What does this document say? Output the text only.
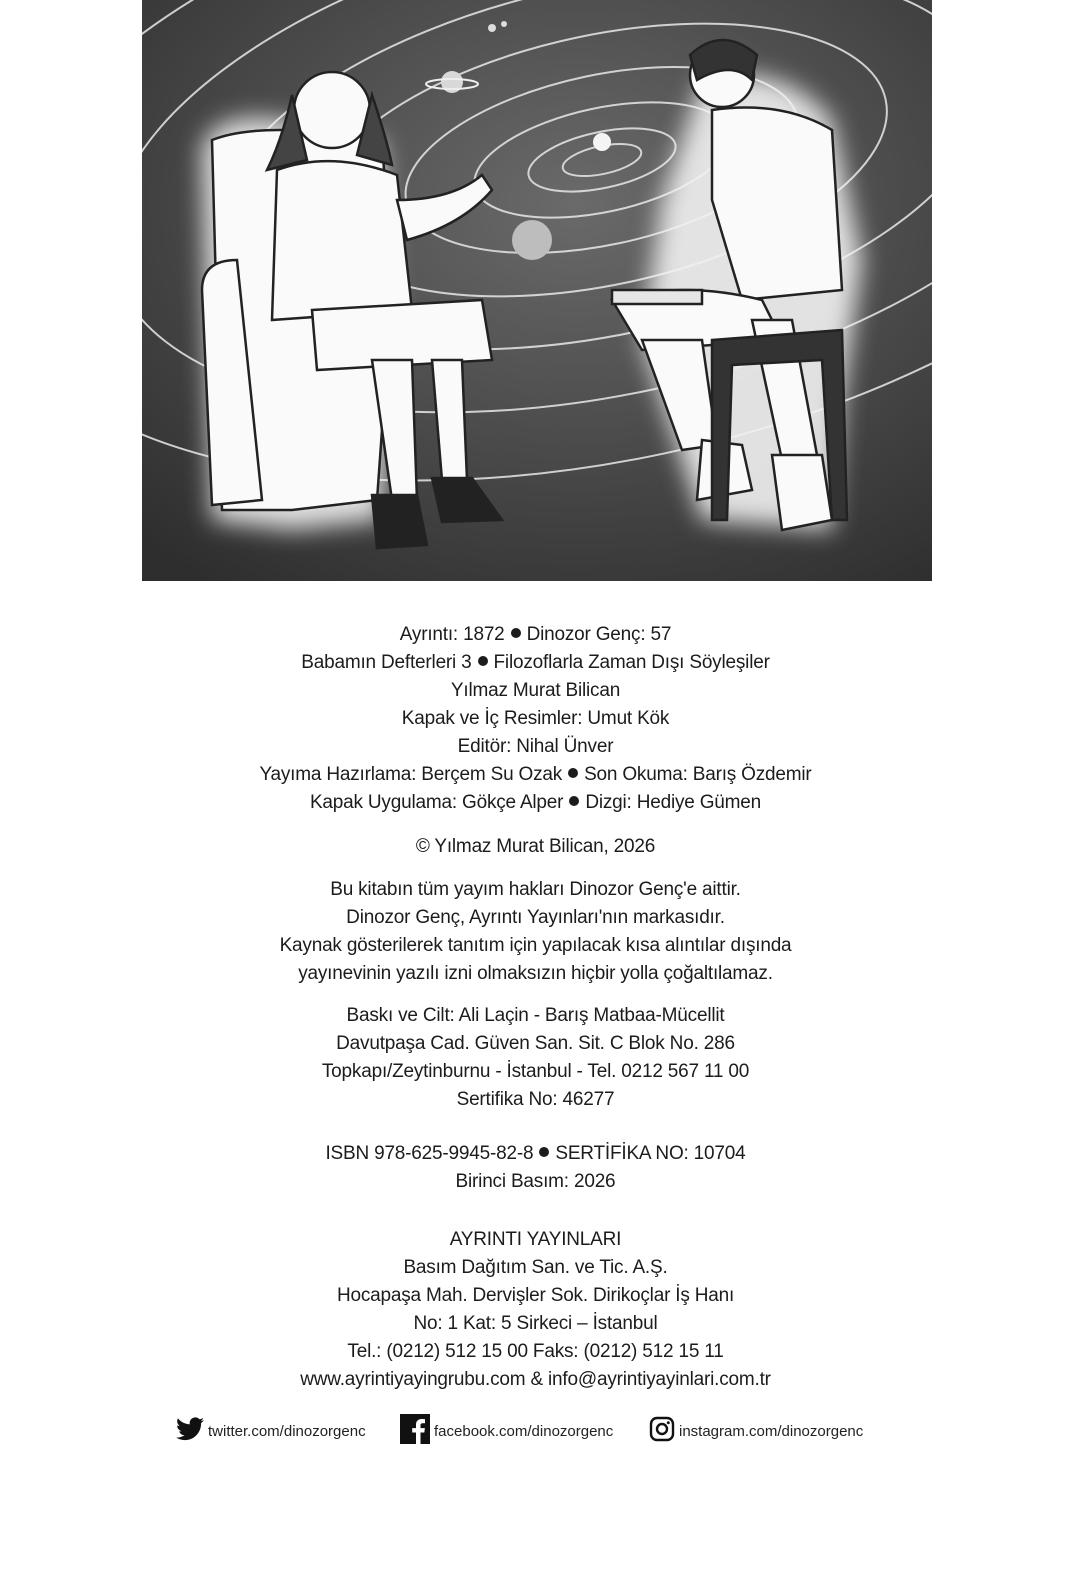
Ayrıntı: 1872 Dinozor Genç: 57

Babamın Defterleri 3 Filozoflarla Zaman Dışı Söyleşiler

Yılmaz Murat Bilican

Kapak ve İç Resimler: Umut Kök

Editör: Nihal Ünver

Yayıma Hazırlama: Berçem Su Ozak Son Okuma: Barış Özdemir

Kapak Uygulama: Gökçe Alper Dizgi: Hediye Gümen

© Yılmaz Murat Bilican, 2026

Bu kitabın tüm yayım hakları Dinozor Genç'e aittir.

Dinozor Genç, Ayrıntı Yayınları'nın markasıdır.

Kaynak gösterilerek tanıtım için yapılacak kısa alıntılar dışında

yayınevinin yazılı izni olmaksızın hiçbir yolla çoğaltılamaz.

Baskı ve Cilt: Ali Laçin - Barış Matbaa-Mücellit

Davutpaşa Cad. Güven San. Sit. C Blok No. 286

Topkapı/Zeytinburnu - İstanbul - Tel. 0212 567 11 00

Sertifika No: 46277

ISBN 978-625-9945-82-8 SERTİFİKA NO: 10704

Birinci Basım: 2026

AYRINTI YAYINLARI

Basım Dağıtım San. ve Tic. A.Ş.

Hocapaşa Mah. Dervişler Sok. Dirikoçlar İş Hanı

No: 1 Kat: 5 Sirkeci – İstanbul

Tel.: (0212) 512 15 00 Faks: (0212) 512 15 11

www.ayrintiyayingrubu.com & info@ayrintiyayinlari.com.tr

twitter.com/dinozorgenc	facebook.com/dinozorgenc	instagram.com/dinozorgenc
